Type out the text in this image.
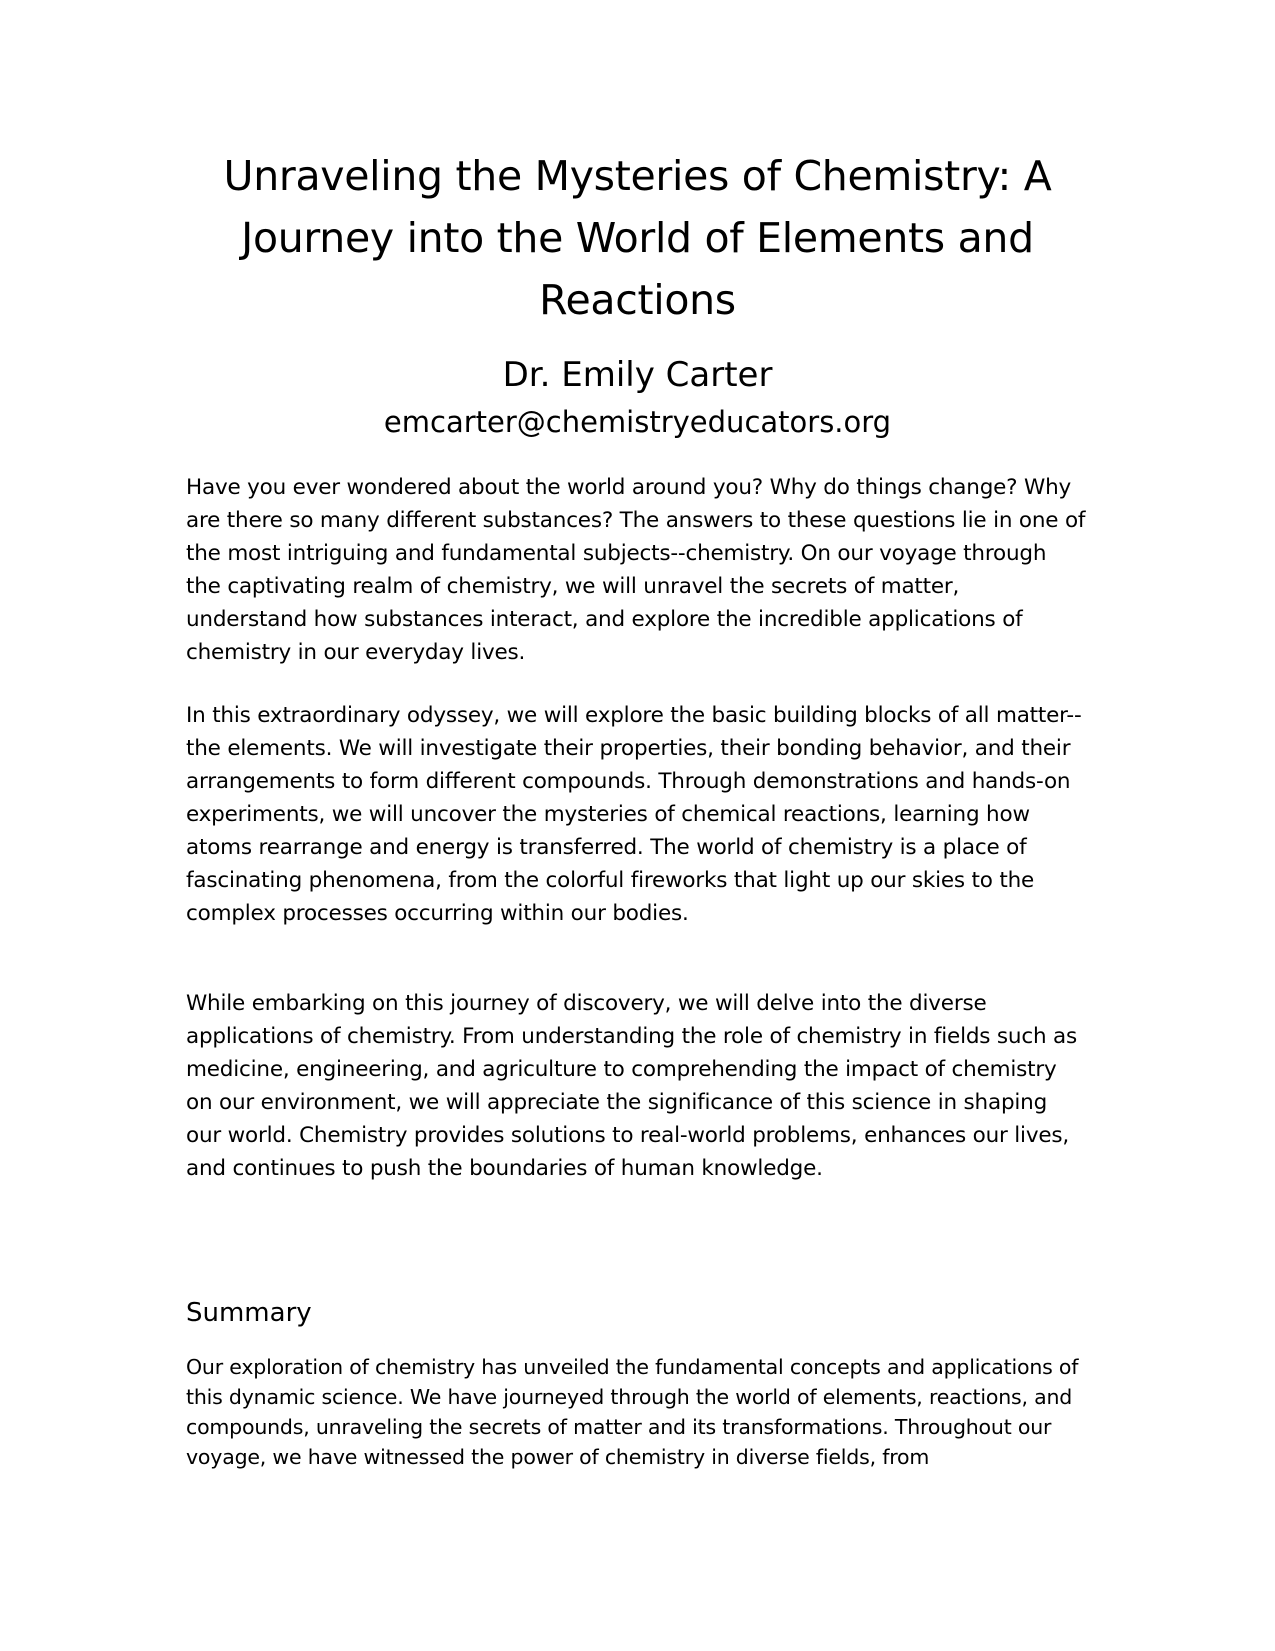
Unraveling the Mysteries of Chemistry: A Journey into the World of Elements and Reactions
Dr. Emily Carter
emcarter@chemistryeducators.org

Have you ever wondered about the world around you? Why do things change? Why are there so many different substances? The answers to these questions lie in one of the most intriguing and fundamental subjects--chemistry. On our voyage through the captivating realm of chemistry, we will unravel the secrets of matter, understand how substances interact, and explore the incredible applications of chemistry in our everyday lives.

In this extraordinary odyssey, we will explore the basic building blocks of all matter--the elements. We will investigate their properties, their bonding behavior, and their arrangements to form different compounds. Through demonstrations and hands-on experiments, we will uncover the mysteries of chemical reactions, learning how atoms rearrange and energy is transferred. The world of chemistry is a place of fascinating phenomena, from the colorful fireworks that light up our skies to the complex processes occurring within our bodies.

While embarking on this journey of discovery, we will delve into the diverse applications of chemistry. From understanding the role of chemistry in fields such as medicine, engineering, and agriculture to comprehending the impact of chemistry on our environment, we will appreciate the significance of this science in shaping our world. Chemistry provides solutions to real-world problems, enhances our lives, and continues to push the boundaries of human knowledge.

Summary

Our exploration of chemistry has unveiled the fundamental concepts and applications of this dynamic science. We have journeyed through the world of elements, reactions, and compounds, unraveling the secrets of matter and its transformations. Throughout our voyage, we have witnessed the power of chemistry in diverse fields, from
